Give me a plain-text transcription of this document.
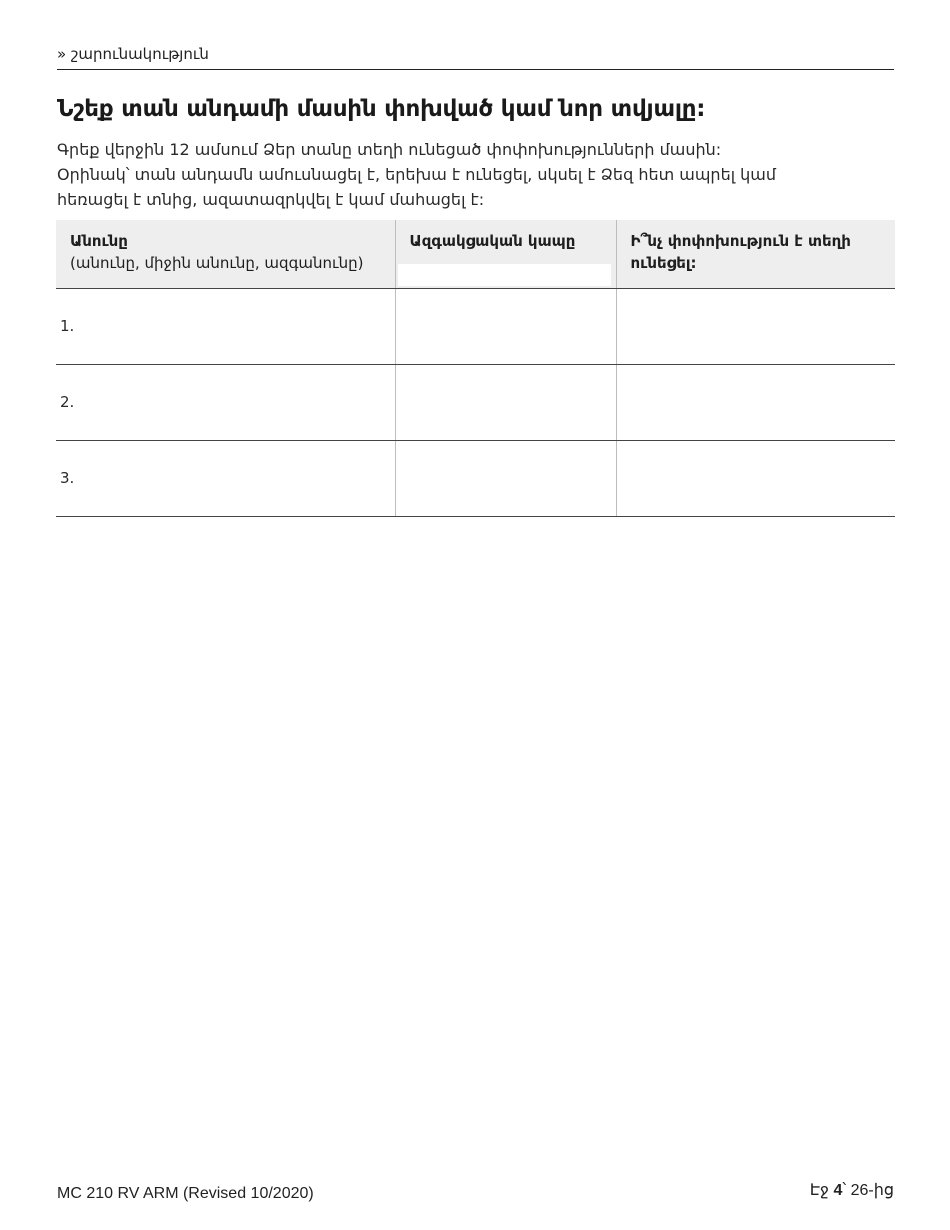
» շարունակություն
Նշեք տան անդամի մասին փոխված կամ նոր տվյալը:
Գրեք վերջին 12 ամսում Ձեր տանը տեղի ունեցած փոփոխությունների մասին:
Օրինակ՝ տան անդամն ամուսնացել է, երեխա է ունեցել, սկսել է Ձեզ հետ ապրել կամ
հեռացել է տնից, ազատազրկվել է կամ մահացել է:
Անունը
(անունը, միջին անունը, ազգանունը)	Ազգակցական կապը	Ի՞նչ փոփոխություն է տեղի ունեցել:
1.		
2.		
3.		
MC 210 RV ARM (Revised 10/2020)	Էջ 4՝ 26-ից
